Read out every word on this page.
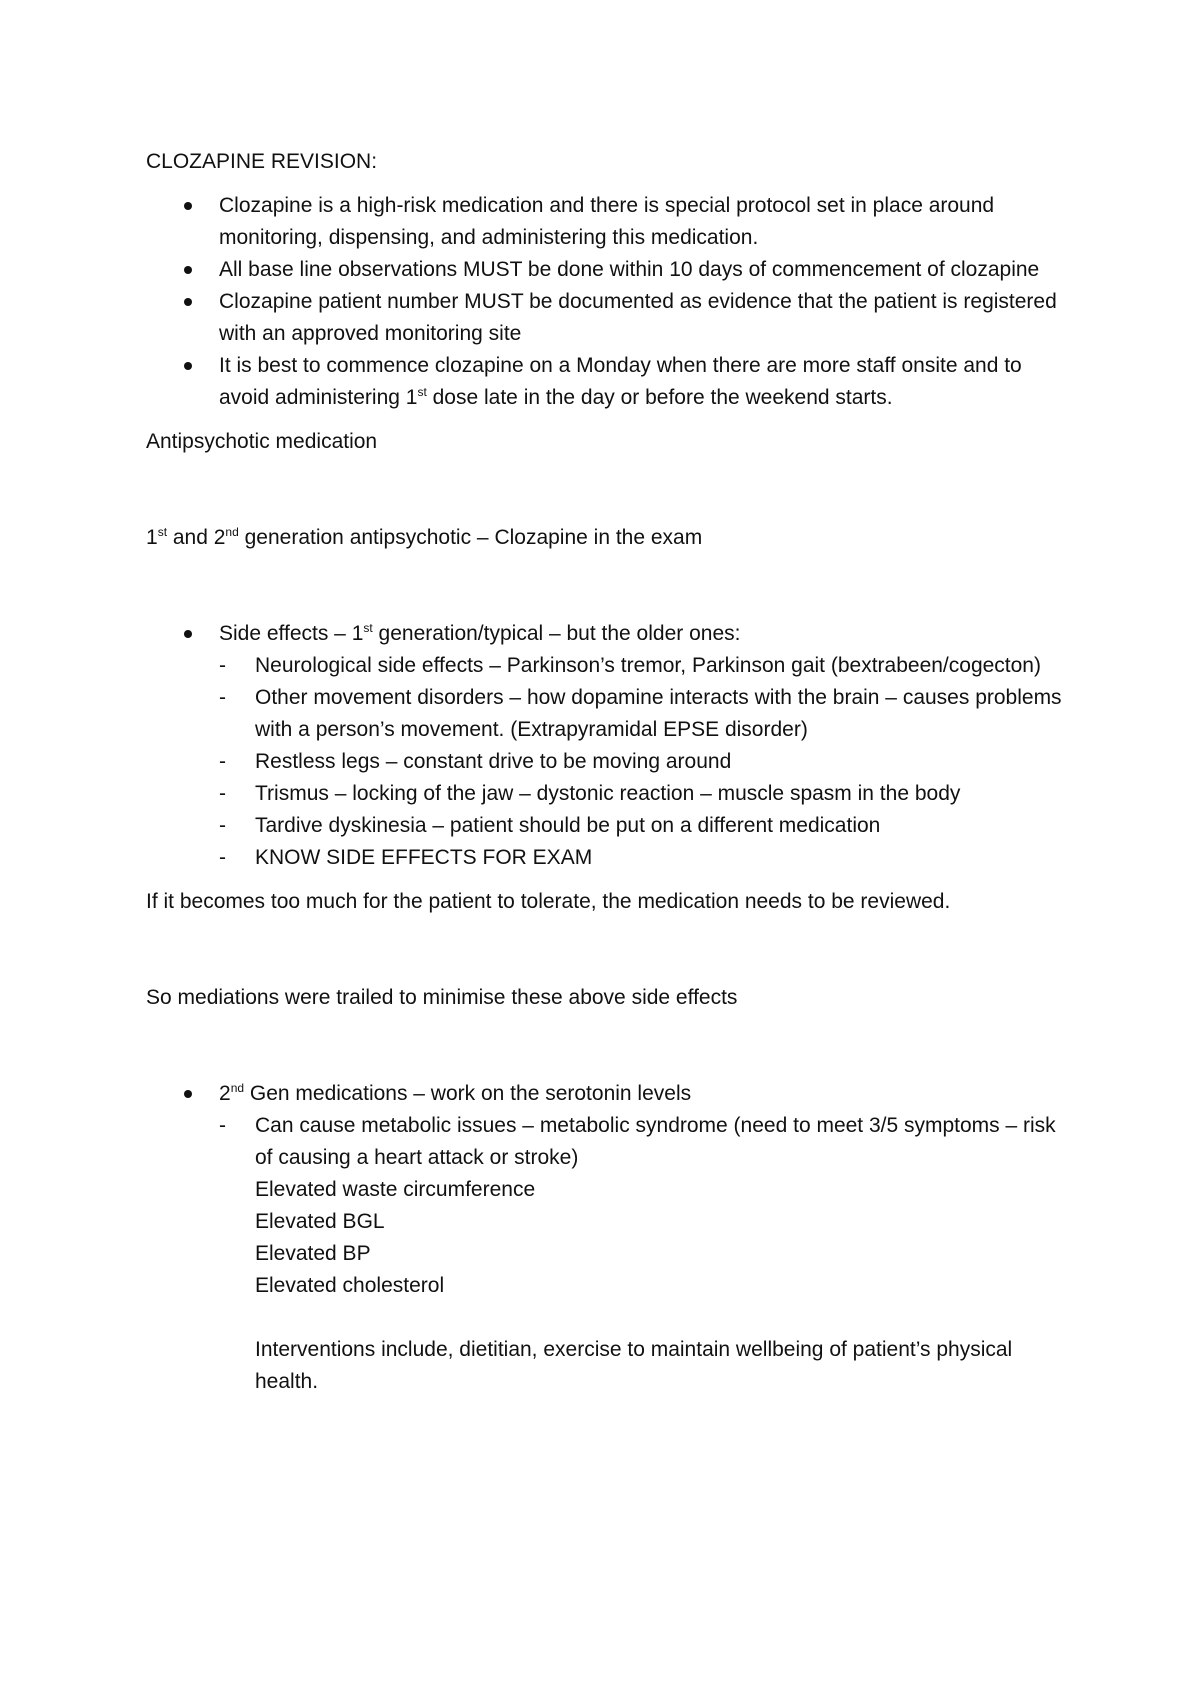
CLOZAPINE REVISION:

Clozapine is a high-risk medication and there is special protocol set in place around monitoring, dispensing, and administering this medication.
All base line observations MUST be done within 10 days of commencement of clozapine
Clozapine patient number MUST be documented as evidence that the patient is registered with an approved monitoring site
It is best to commence clozapine on a Monday when there are more staff onsite and to avoid administering 1st dose late in the day or before the weekend starts.

Antipsychotic medication

1st and 2nd generation antipsychotic – Clozapine in the exam

Side effects – 1st generation/typical – but the older ones:
- Neurological side effects – Parkinson’s tremor, Parkinson gait (bextrabeen/cogecton)
- Other movement disorders – how dopamine interacts with the brain – causes problems with a person’s movement. (Extrapyramidal EPSE disorder)
- Restless legs – constant drive to be moving around
- Trismus – locking of the jaw – dystonic reaction – muscle spasm in the body
- Tardive dyskinesia – patient should be put on a different medication
- KNOW SIDE EFFECTS FOR EXAM

If it becomes too much for the patient to tolerate, the medication needs to be reviewed.

So mediations were trailed to minimise these above side effects

2nd Gen medications – work on the serotonin levels
- Can cause metabolic issues – metabolic syndrome (need to meet 3/5 symptoms – risk of causing a heart attack or stroke)

Elevated waste circumference

Elevated BGL

Elevated BP

Elevated cholesterol

Interventions include, dietitian, exercise to maintain wellbeing of patient’s physical health.
